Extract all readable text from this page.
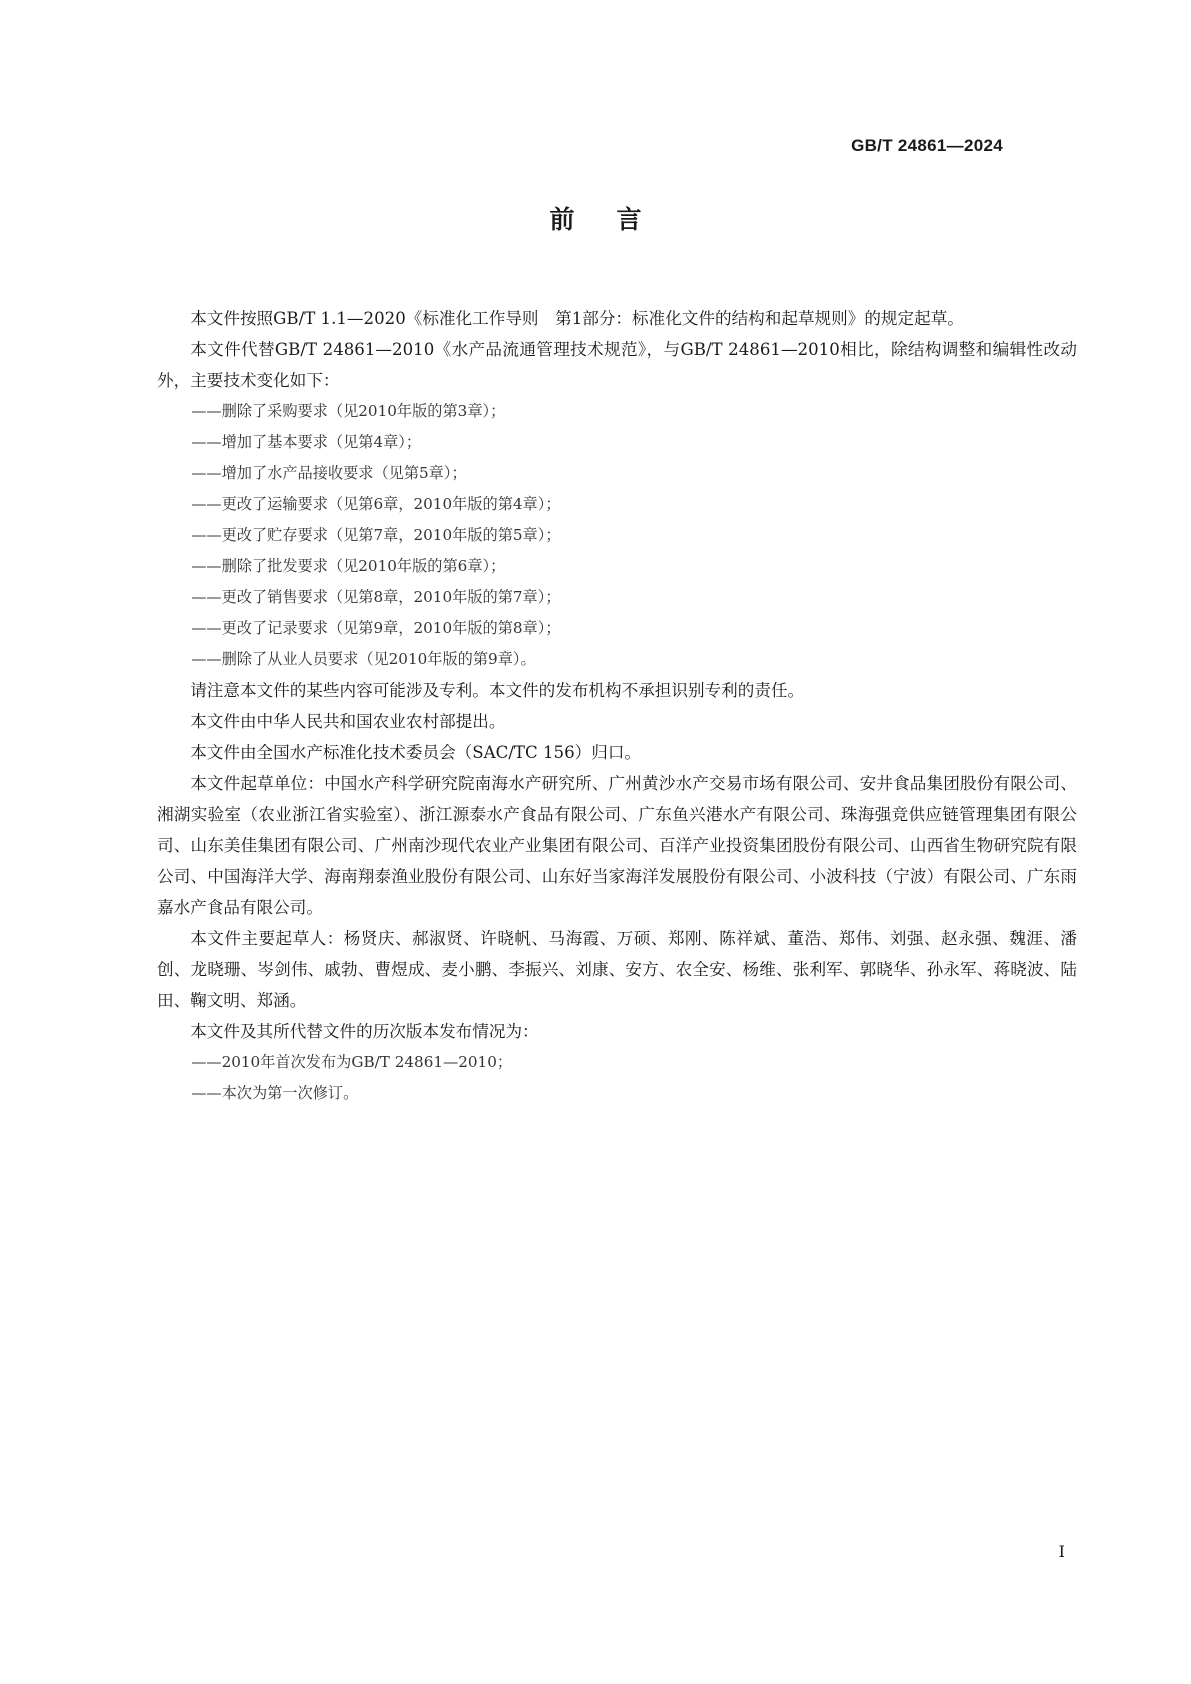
GB/T 24861—2024
前言

本文件按照GB/T 1.1—2020《标准化工作导则　第1部分：标准化文件的结构和起草规则》的规定起草。

本文件代替GB/T 24861—2010《水产品流通管理技术规范》，与GB/T 24861—2010相比，除结构调整和编辑性改动外，主要技术变化如下：

——删除了采购要求（见2010年版的第3章）；

——增加了基本要求（见第4章）；

——增加了水产品接收要求（见第5章）；

——更改了运输要求（见第6章，2010年版的第4章）；

——更改了贮存要求（见第7章，2010年版的第5章）；

——删除了批发要求（见2010年版的第6章）；

——更改了销售要求（见第8章，2010年版的第7章）；

——更改了记录要求（见第9章，2010年版的第8章）；

——删除了从业人员要求（见2010年版的第9章）。

请注意本文件的某些内容可能涉及专利。本文件的发布机构不承担识别专利的责任。

本文件由中华人民共和国农业农村部提出。

本文件由全国水产标准化技术委员会（SAC/TC 156）归口。

本文件起草单位：中国水产科学研究院南海水产研究所、广州黄沙水产交易市场有限公司、安井食品集团股份有限公司、湘湖实验室（农业浙江省实验室）、浙江源泰水产食品有限公司、广东鱼兴港水产有限公司、珠海强竞供应链管理集团有限公司、山东美佳集团有限公司、广州南沙现代农业产业集团有限公司、百洋产业投资集团股份有限公司、山西省生物研究院有限公司、中国海洋大学、海南翔泰渔业股份有限公司、山东好当家海洋发展股份有限公司、小波科技（宁波）有限公司、广东雨嘉水产食品有限公司。

本文件主要起草人：杨贤庆、郝淑贤、许晓帆、马海霞、万硕、郑刚、陈祥斌、董浩、郑伟、刘强、赵永强、魏涯、潘创、龙晓珊、岑剑伟、戚勃、曹煜成、麦小鹏、李振兴、刘康、安方、农全安、杨维、张利军、郭晓华、孙永军、蒋晓波、陆田、鞠文明、郑涵。

本文件及其所代替文件的历次版本发布情况为：

——2010年首次发布为GB/T 24861—2010；

——本次为第一次修订。

I
